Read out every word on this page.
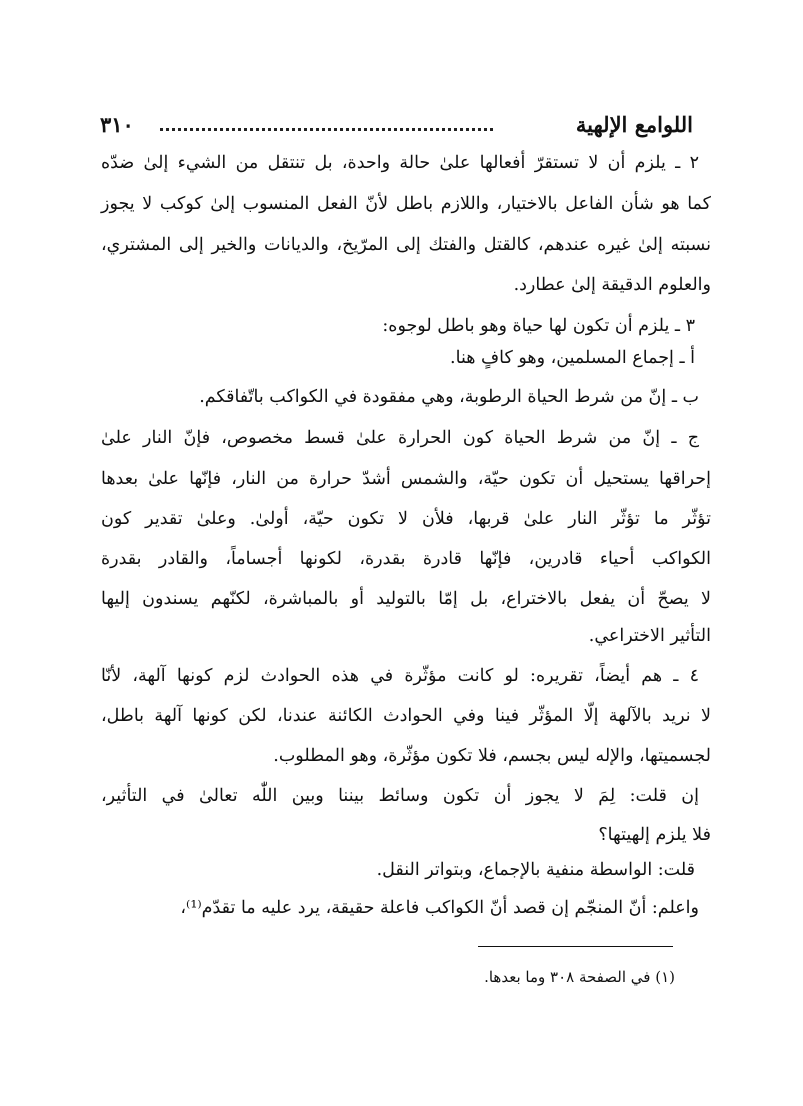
اللوامع الإلهية
٣١٠
٢ ـ يلزم أن لا تستقرّ أفعالها علىٰ حالة واحدة، بل تنتقل من الشيء إلىٰ ضدّه
كما هو شأن الفاعل بالاختيار، واللازم باطل لأنّ الفعل المنسوب إلىٰ كوكب لا يجوز
نسبته إلىٰ غيره عندهم، كالقتل والفتك إلى المرّيخ، والديانات والخير إلى المشتري،
والعلوم الدقيقة إلىٰ عطارد.
٣ ـ يلزم أن تكون لها حياة وهو باطل لوجوه:
أ ـ إجماع المسلمين، وهو كافٍ هنا.
ب ـ إنّ من شرط الحياة الرطوبة، وهي مفقودة في الكواكب باتّفاقكم.
ج ـ إنّ من شرط الحياة كون الحرارة علىٰ قسط مخصوص، فإنّ النار علىٰ
إحراقها يستحيل أن تكون حيّة، والشمس أشدّ حرارة من النار، فإنّها علىٰ بعدها
تؤثّر ما تؤثّر النار علىٰ قربها، فلأن لا تكون حيّة، أولىٰ. وعلىٰ تقدير كون
الكواكب أحياء قادرين، فإنّها قادرة بقدرة، لكونها أجساماً، والقادر بقدرة
لا يصحّ أن يفعل بالاختراع، بل إمّا بالتوليد أو بالمباشرة، لكنّهم يسندون إليها
التأثير الاختراعي.
٤ ـ هم أيضاً، تقريره: لو كانت مؤثّرة في هذه الحوادث لزم كونها آلهة، لأنّا
لا نريد بالآلهة إلّا المؤثّر فينا وفي الحوادث الكائنة عندنا، لكن كونها آلهة باطل،
لجسميتها، والإله ليس بجسم، فلا تكون مؤثّرة، وهو المطلوب.
إن قلت: لِمَ لا يجوز أن تكون وسائط بيننا وبين اللّٰه تعالىٰ في التأثير،
فلا يلزم إلهيتها؟
قلت: الواسطة منفية بالإجماع، وبتواتر النقل.
واعلم: أنّ المنجّم إن قصد أنّ الكواكب فاعلة حقيقة، يرد عليه ما تقدّم⁽¹⁾،
(١) في الصفحة ٣٠٨ وما بعدها.
